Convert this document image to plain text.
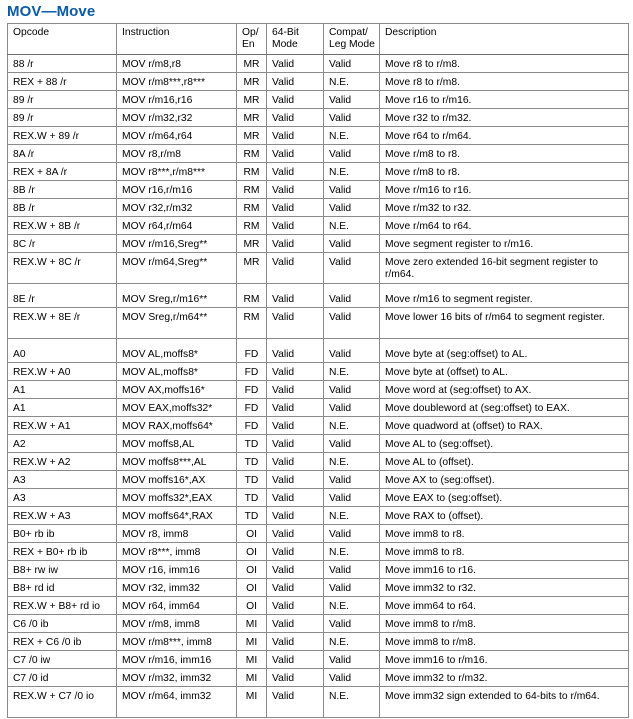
MOV—Move
Opcode	Instruction	Op/ En	64-Bit Mode	Compat/ Leg Mode	Description
88 /r	MOV r/m8,r8	MR	Valid	Valid	Move r8 to r/m8.
REX + 88 /r	MOV r/m8***,r8***	MR	Valid	N.E.	Move r8 to r/m8.
89 /r	MOV r/m16,r16	MR	Valid	Valid	Move r16 to r/m16.
89 /r	MOV r/m32,r32	MR	Valid	Valid	Move r32 to r/m32.
REX.W + 89 /r	MOV r/m64,r64	MR	Valid	N.E.	Move r64 to r/m64.
8A /r	MOV r8,r/m8	RM	Valid	Valid	Move r/m8 to r8.
REX + 8A /r	MOV r8***,r/m8***	RM	Valid	N.E.	Move r/m8 to r8.
8B /r	MOV r16,r/m16	RM	Valid	Valid	Move r/m16 to r16.
8B /r	MOV r32,r/m32	RM	Valid	Valid	Move r/m32 to r32.
REX.W + 8B /r	MOV r64,r/m64	RM	Valid	N.E.	Move r/m64 to r64.
8C /r	MOV r/m16,Sreg**	MR	Valid	Valid	Move segment register to r/m16.
REX.W + 8C /r	MOV r/m64,Sreg**	MR	Valid	Valid	Move zero extended 16-bit segment register to r/m64.
8E /r	MOV Sreg,r/m16**	RM	Valid	Valid	Move r/m16 to segment register.
REX.W + 8E /r	MOV Sreg,r/m64**	RM	Valid	Valid	Move lower 16 bits of r/m64 to segment register.
A0	MOV AL,moffs8*	FD	Valid	Valid	Move byte at (seg:offset) to AL.
REX.W + A0	MOV AL,moffs8*	FD	Valid	N.E.	Move byte at (offset) to AL.
A1	MOV AX,moffs16*	FD	Valid	Valid	Move word at (seg:offset) to AX.
A1	MOV EAX,moffs32*	FD	Valid	Valid	Move doubleword at (seg:offset) to EAX.
REX.W + A1	MOV RAX,moffs64*	FD	Valid	N.E.	Move quadword at (offset) to RAX.
A2	MOV moffs8,AL	TD	Valid	Valid	Move AL to (seg:offset).
REX.W + A2	MOV moffs8***,AL	TD	Valid	N.E.	Move AL to (offset).
A3	MOV moffs16*,AX	TD	Valid	Valid	Move AX to (seg:offset).
A3	MOV moffs32*,EAX	TD	Valid	Valid	Move EAX to (seg:offset).
REX.W + A3	MOV moffs64*,RAX	TD	Valid	N.E.	Move RAX to (offset).
B0+ rb ib	MOV r8, imm8	OI	Valid	Valid	Move imm8 to r8.
REX + B0+ rb ib	MOV r8***, imm8	OI	Valid	N.E.	Move imm8 to r8.
B8+ rw iw	MOV r16, imm16	OI	Valid	Valid	Move imm16 to r16.
B8+ rd id	MOV r32, imm32	OI	Valid	Valid	Move imm32 to r32.
REX.W + B8+ rd io	MOV r64, imm64	OI	Valid	N.E.	Move imm64 to r64.
C6 /0 ib	MOV r/m8, imm8	MI	Valid	Valid	Move imm8 to r/m8.
REX + C6 /0 ib	MOV r/m8***, imm8	MI	Valid	N.E.	Move imm8 to r/m8.
C7 /0 iw	MOV r/m16, imm16	MI	Valid	Valid	Move imm16 to r/m16.
C7 /0 id	MOV r/m32, imm32	MI	Valid	Valid	Move imm32 to r/m32.
REX.W + C7 /0 io	MOV r/m64, imm32	MI	Valid	N.E.	Move imm32 sign extended to 64-bits to r/m64.
